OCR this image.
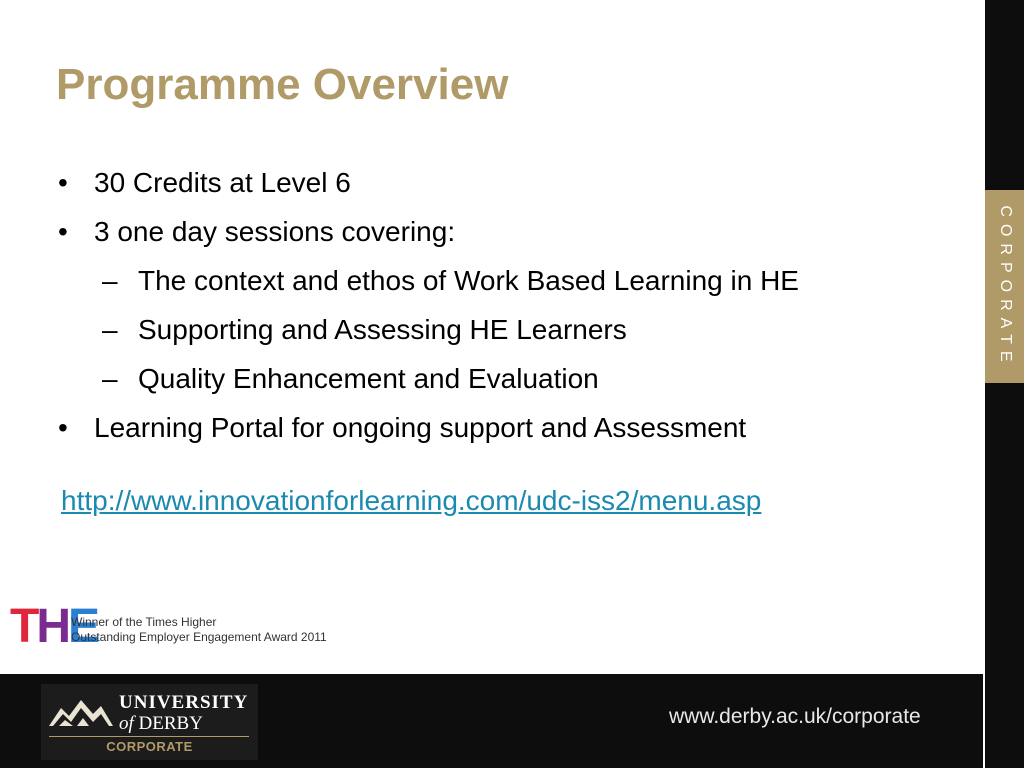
Programme Overview
• 30 Credits at Level 6
• 3 one day sessions covering:
– The context and ethos of Work Based Learning in HE
– Supporting and Assessing HE Learners
– Quality Enhancement and Evaluation
• Learning Portal for ongoing support and Assessment
http://www.innovationforlearning.com/udc-iss2/menu.asp
THE
Winner of the Times Higher
Outstanding Employer Engagement Award 2011
CORPORATE
UNIVERSITY
of DERBY
CORPORATE
www.derby.ac.uk/corporate
